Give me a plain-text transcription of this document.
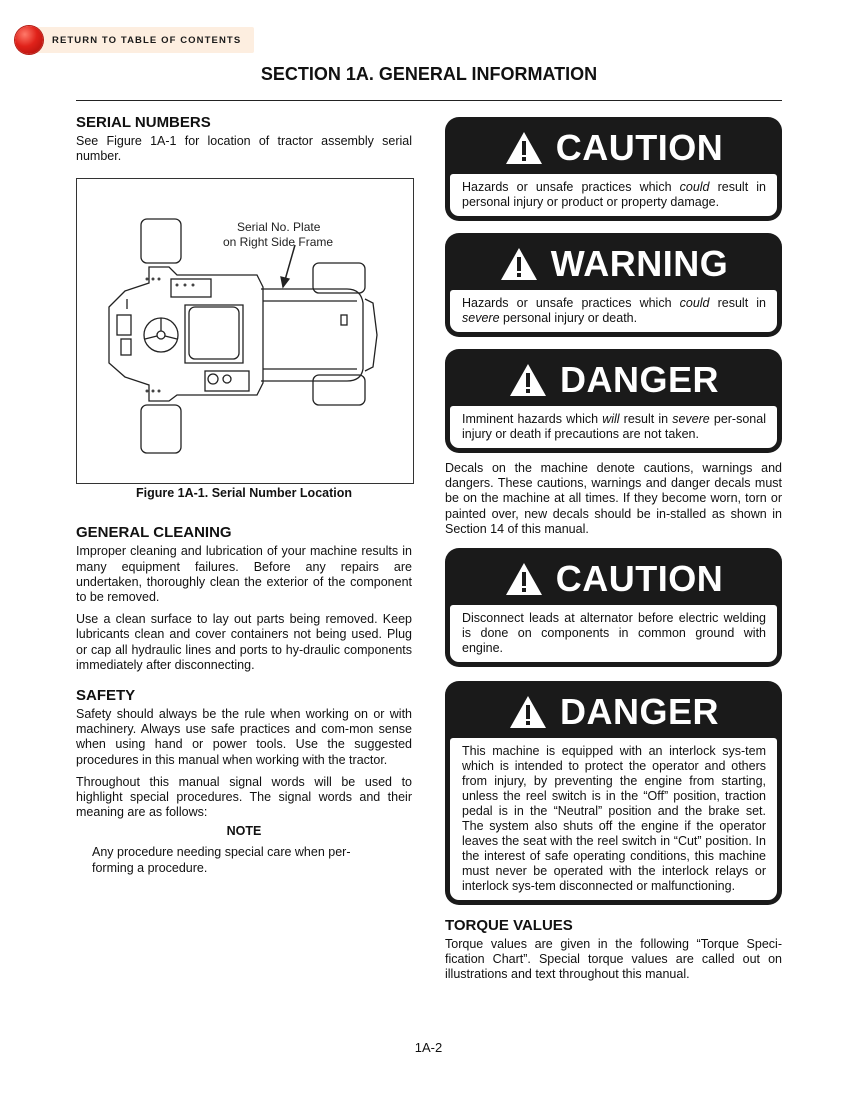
RETURN TO TABLE OF CONTENTS
SECTION 1A. GENERAL INFORMATION
SERIAL NUMBERS

See Figure 1A-1 for location of tractor assembly serial number.

Serial No. Plate
on Right Side Frame
Figure 1A-1. Serial Number Location
GENERAL CLEANING

Improper cleaning and lubrication of your machine results in many equipment failures. Before any repairs are undertaken, thoroughly clean the exterior of the component to be removed.

Use a clean surface to lay out parts being removed. Keep lubricants clean and cover containers not being used. Plug or cap all hydraulic lines and ports to hy-draulic components immediately after disconnecting.

SAFETY

Safety should always be the rule when working on or with machinery. Always use safe practices and com-mon sense when using hand or power tools. Use the suggested procedures in this manual when working with the tractor.

Throughout this manual signal words will be used to highlight special procedures. The signal words and their meaning are as follows:

NOTE
Any procedure needing special care when per-forming a procedure.
CAUTION

Hazards or unsafe practices which could result in personal injury or product or property damage.

WARNING

Hazards or unsafe practices which could result in severe personal injury or death.

DANGER

Imminent hazards which will result in severe per-sonal injury or death if precautions are not taken.

Decals on the machine denote cautions, warnings and dangers. These cautions, warnings and danger decals must be on the machine at all times. If they become worn, torn or painted over, new decals should be in-stalled as shown in Section 14 of this manual.

CAUTION

Disconnect leads at alternator before electric welding is done on components in common ground with engine.

DANGER

This machine is equipped with an interlock sys-tem which is intended to protect the operator and others from injury, by preventing the engine from starting, unless the reel switch is in the “Off” position, traction pedal is in the “Neutral” position and the brake set. The system also shuts off the engine if the operator leaves the seat with the reel switch in “Cut” position. In the interest of safe operating conditions, this machine must never be operated with the interlock relays or interlock sys-tem disconnected or malfunctioning.

TORQUE VALUES

Torque values are given in the following “Torque Speci-fication Chart”. Special torque values are called out on illustrations and text throughout this manual.

1A-2
